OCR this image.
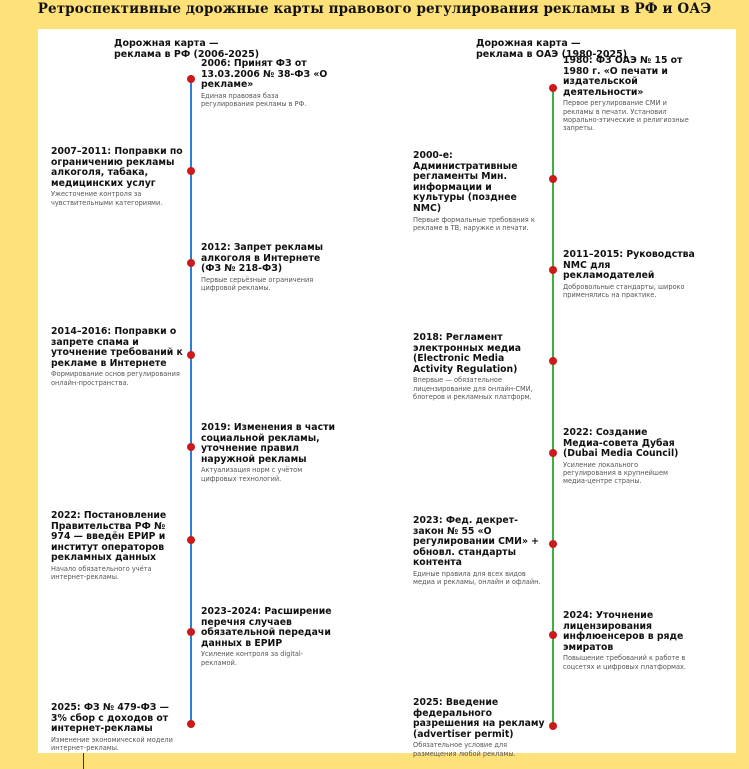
Ретроспективные дорожные карты правового регулирования рекламы в РФ и ОАЭ
Дорожная карта —
реклама в РФ (2006-2025)
Дорожная карта —
реклама в ОАЭ (1980-2025)
2006: Принят ФЗ от 13.03.2006 № 38-ФЗ «О рекламе»
Единая правовая база регулирования рекламы в РФ.
2007–2011: Поправки по ограничению рекламы алкоголя, табака, медицинских услуг
Ужесточение контроля за чувствительными категориями.
2012: Запрет рекламы алкоголя в Интернете (ФЗ № 218-ФЗ)
Первые серьёзные ограничения цифровой рекламы.
2014–2016: Поправки о запрете спама и уточнение требований к рекламе в Интернете
Формирование основ регулирования онлайн-пространства.
2019: Изменения в части социальной рекламы, уточнение правил наружной рекламы
Актуализация норм с учётом цифровых технологий.
2022: Постановление Правительства РФ № 974 — введён ЕРИР и институт операторов рекламных данных
Начало обязательного учёта интернет-рекламы.
2023–2024: Расширение перечня случаев обязательной передачи данных в ЕРИР
Усиление контроля за digital-рекламой.
2025: ФЗ № 479-ФЗ — 3% сбор с доходов от интернет-рекламы
Изменение экономической модели интернет-рекламы.
1980: ФЗ ОАЭ № 15 от 1980 г. «О печати и издательской деятельности»
Первое регулирование СМИ и рекламы в печати. Установил морально-этические и религиозные запреты.
2000-е: Административные регламенты Мин. информации и культуры (позднее NMC)
Первые формальные требования к рекламе в ТВ, наружке и печати.
2011–2015: Руководства NMC для рекламодателей
Добровольные стандарты, широко применялись на практике.
2018: Регламент электронных медиа (Electronic Media Activity Regulation)
Впервые — обязательное лицензирование для онлайн-СМИ, блогеров и рекламных платформ.
2022: Создание Медиа-совета Дубая (Dubai Media Council)
Усиление локального регулирования в крупнейшем медиа-центре страны.
2023: Фед. декрет-закон № 55 «О регулировании СМИ» + обновл. стандарты контента
Единые правила для всех видов медиа и рекламы, онлайн и офлайн.
2024: Уточнение лицензирования инфлюенсеров в ряде эмиратов
Повышение требований к работе в соцсетях и цифровых платформах.
2025: Введение федерального разрешения на рекламу (advertiser permit)
Обязательное условие для размещения любой рекламы.
